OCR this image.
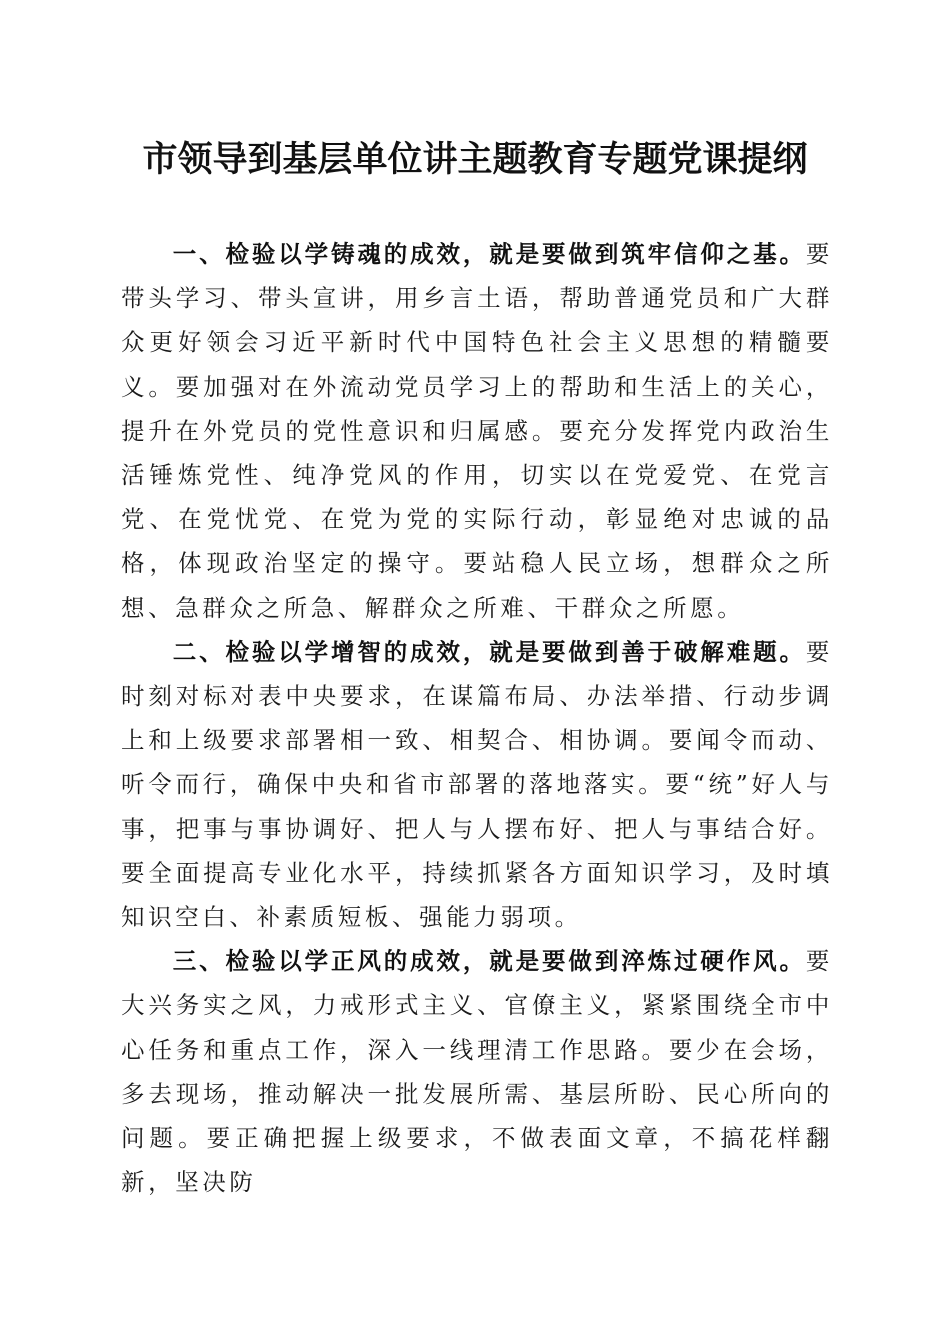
市领导到基层单位讲主题教育专题党课提纲

一、检验以学铸魂的成效，就是要做到筑牢信仰之基。要带头学习、带头宣讲，用乡言土语，帮助普通党员和广大群众更好领会习近平新时代中国特色社会主义思想的精髓要义。要加强对在外流动党员学习上的帮助和生活上的关心，提升在外党员的党性意识和归属感。要充分发挥党内政治生活锤炼党性、纯净党风的作用，切实以在党爱党、在党言党、在党忧党、在党为党的实际行动，彰显绝对忠诚的品格，体现政治坚定的操守。要站稳人民立场，想群众之所想、急群众之所急、解群众之所难、干群众之所愿。

二、检验以学增智的成效，就是要做到善于破解难题。要时刻对标对表中央要求，在谋篇布局、办法举措、行动步调上和上级要求部署相一致、相契合、相协调。要闻令而动、听令而行，确保中央和省市部署的落地落实。要“统”好人与事，把事与事协调好、把人与人摆布好、把人与事结合好。要全面提高专业化水平，持续抓紧各方面知识学习，及时填知识空白、补素质短板、强能力弱项。

三、检验以学正风的成效，就是要做到淬炼过硬作风。要大兴务实之风，力戒形式主义、官僚主义，紧紧围绕全市中心任务和重点工作，深入一线理清工作思路。要少在会场，多去现场，推动解决一批发展所需、基层所盼、民心所向的问题。要正确把握上级要求，不做表面文章，不搞花样翻新，坚决防
